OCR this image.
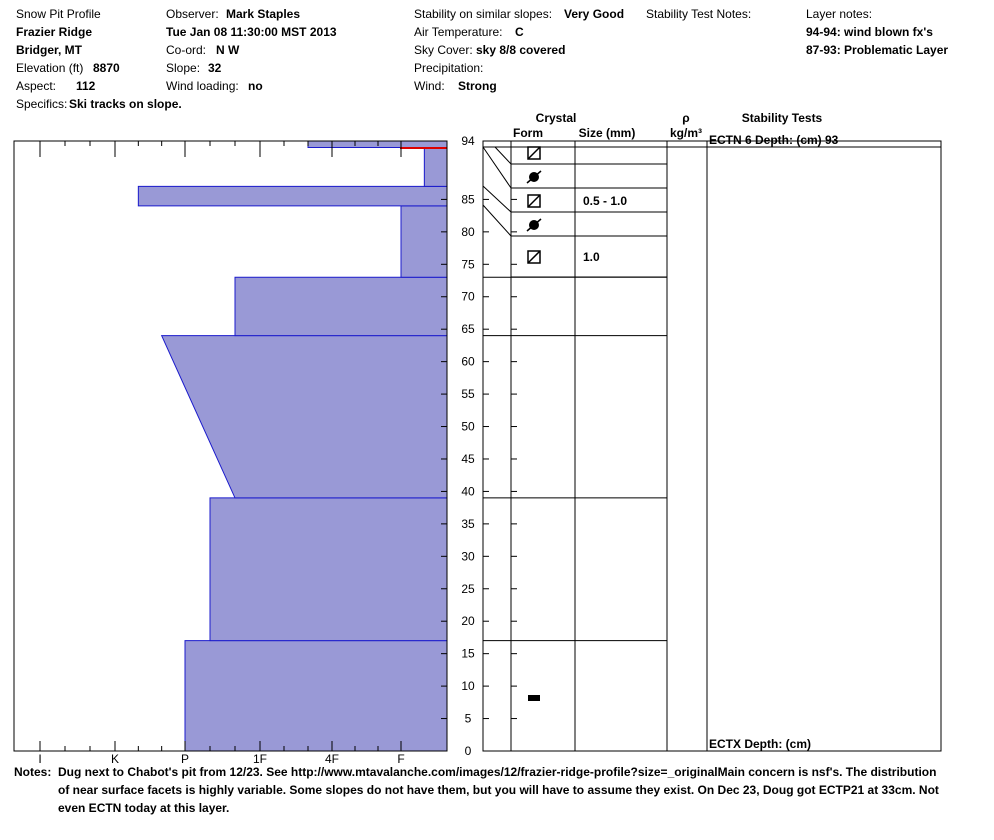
Snow Pit Profile
Frazier Ridge
Bridger, MT
Elevation (ft) 8870
Aspect: 112
Specifics: Ski tracks on slope.
Observer: Mark Staples
Tue Jan 08 11:30:00 MST 2013
Co-ord: N W
Slope: 32
Wind loading: no
Stability on similar slopes: Very Good
Air Temperature: C
Sky Cover: sky 8/8 covered
Precipitation:
Wind: Strong
Stability Test Notes:	Layer notes:
94-94: wind blown fx's
87-93: Problematic Layer
0
5
10
15
20
25
30
35
40
45
50
55
60
65
70
75
80
85
94
I	K	P	1F	4F	F
0.5 - 1.0
1.0
ECTN 6 Depth: (cm) 93
ECTX Depth: (cm)
Crystal
Form	Size (mm)
ρ
kg/m³
Stability Tests
Notes: Dug next to Chabot's pit from 12/23. See http://www.mtavalanche.com/images/12/frazier-ridge-profile?size=_originalMain concern is nsf's. The distribution
of near surface facets is highly variable. Some slopes do not have them, but you will have to assume they exist. On Dec 23, Doug got ECTP21 at 33cm. Not
even ECTN today at this layer.
